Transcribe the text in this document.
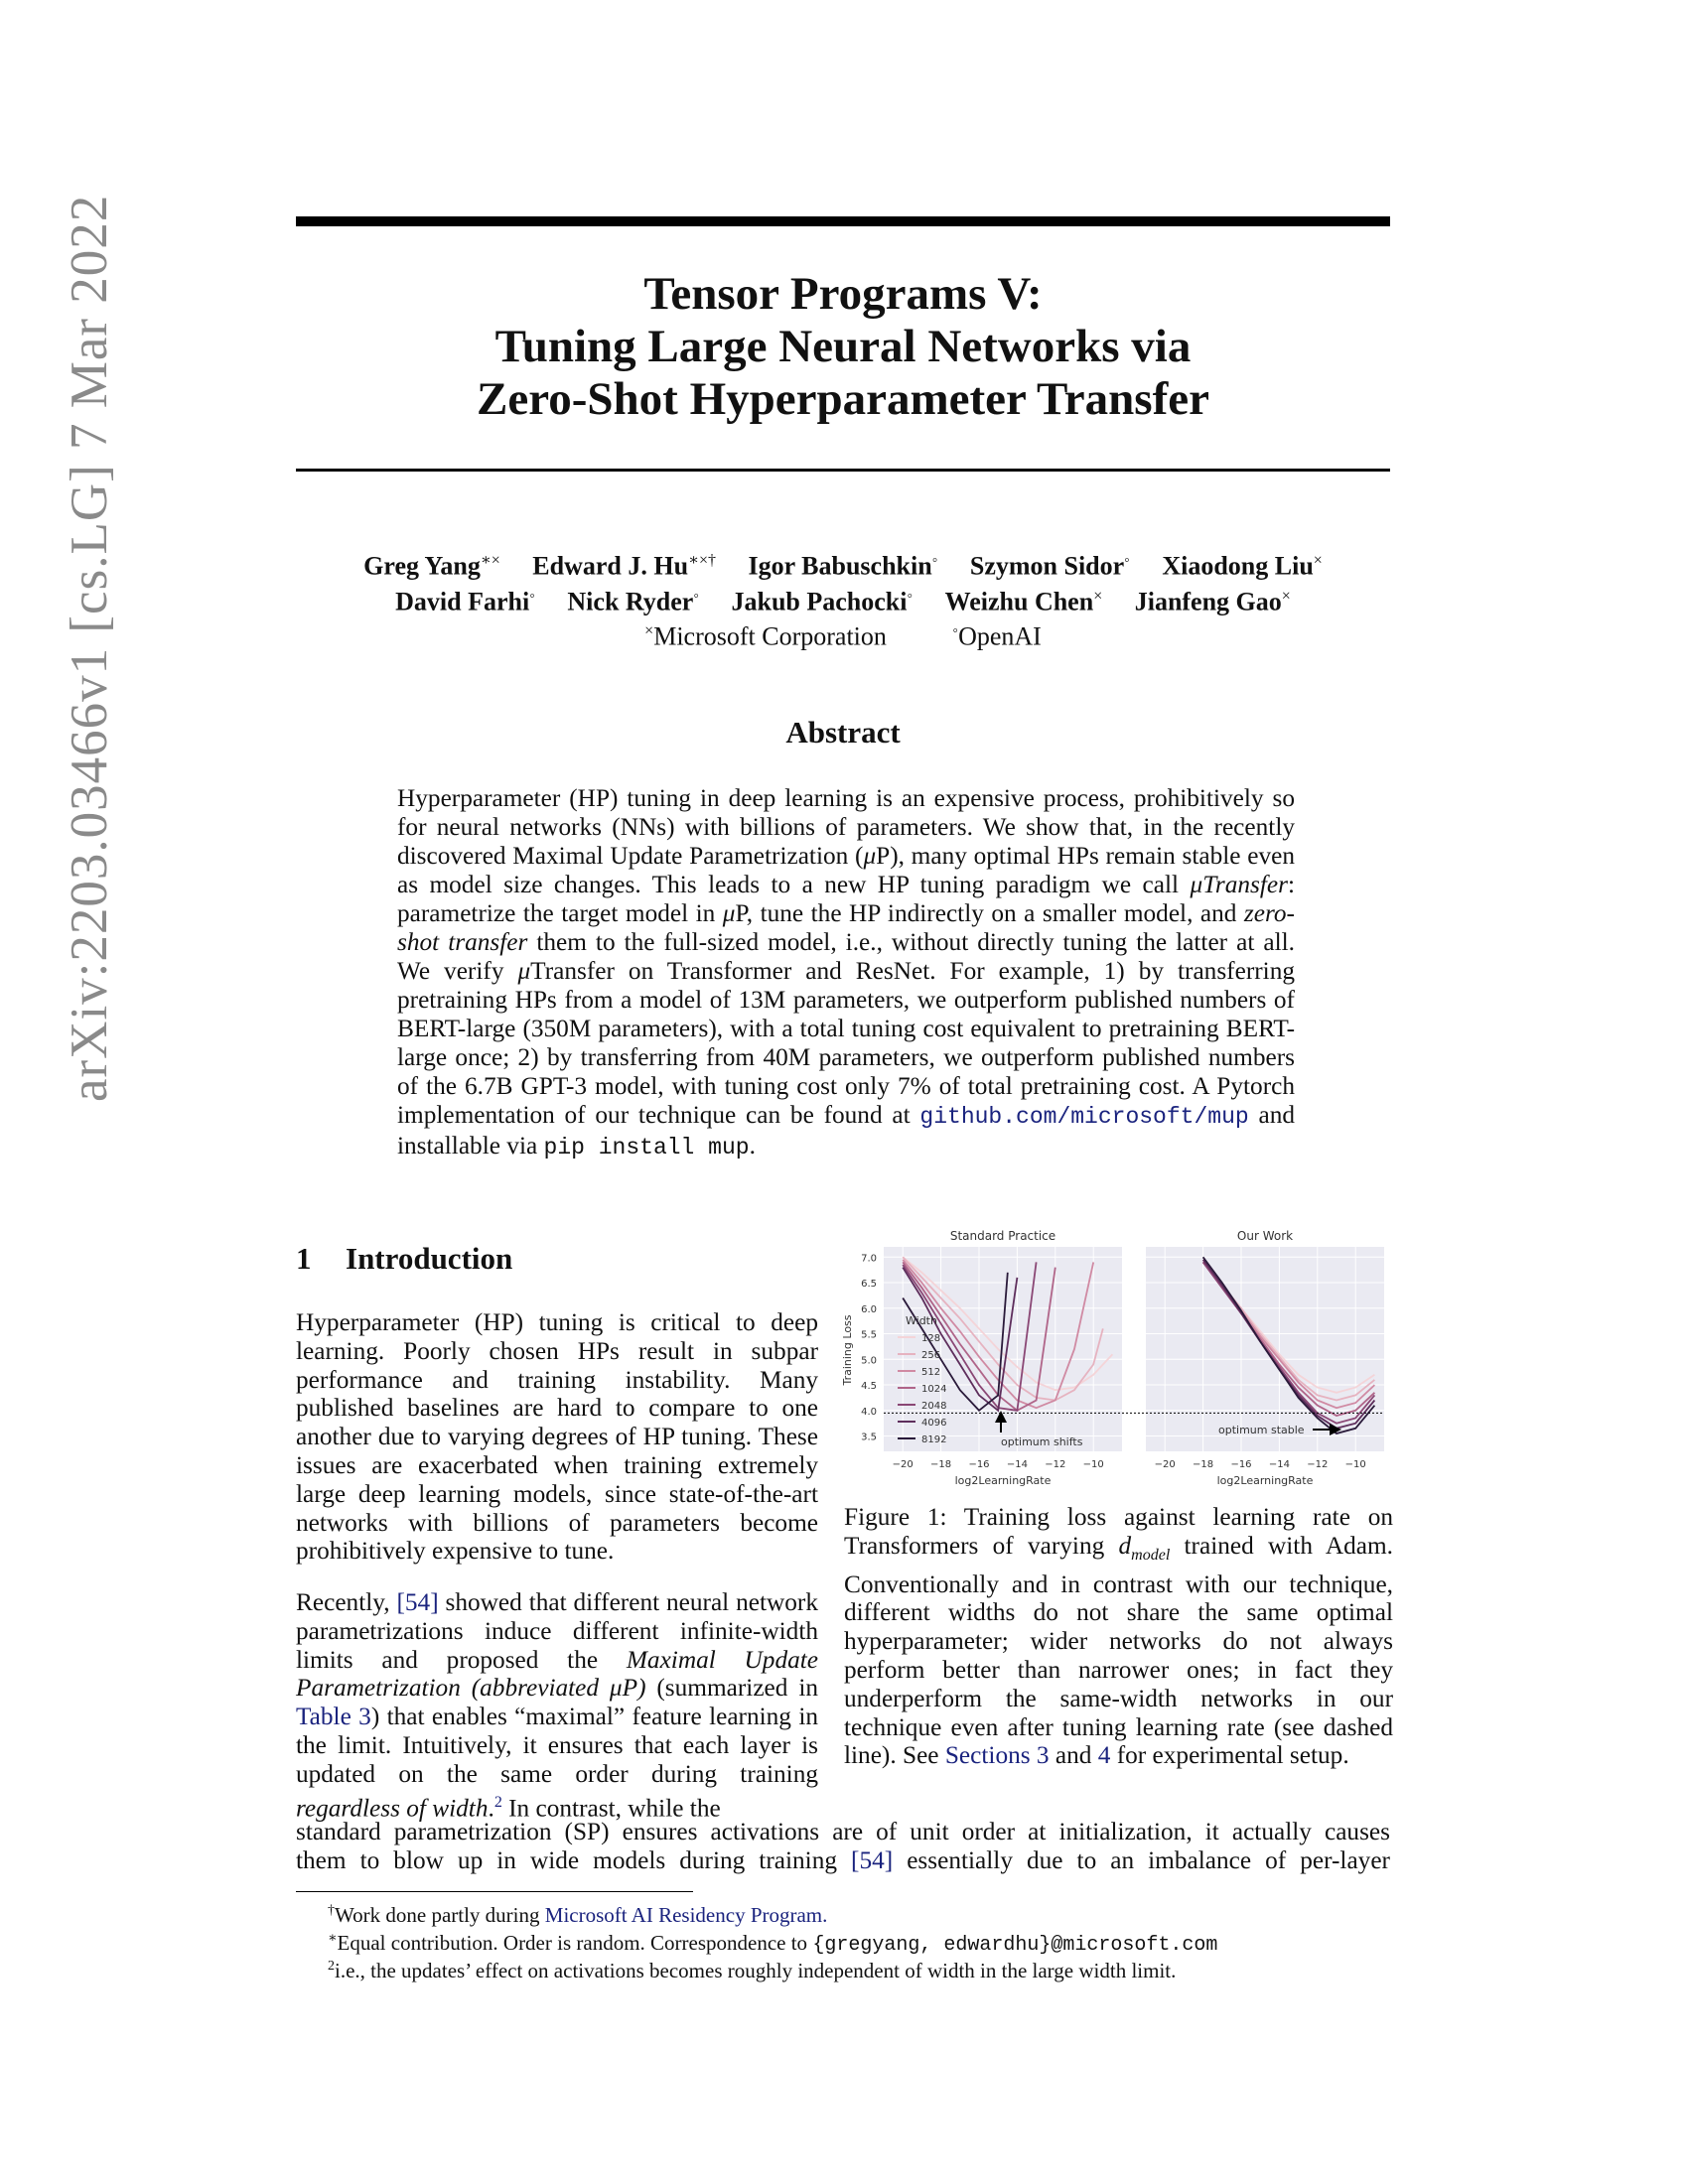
arXiv:2203.03466v1 [cs.LG] 7 Mar 2022	Tensor Programs V:
Tuning Large Neural Networks via
Zero-Shot Hyperparameter Transfer
Greg Yang∗× Edward J. Hu∗×† Igor Babuschkin◦ Szymon Sidor◦ Xiaodong Liu×
David Farhi◦ Nick Ryder◦ Jakub Pachocki◦ Weizhu Chen× Jianfeng Gao×
×Microsoft Corporation	◦OpenAI
Abstract
Hyperparameter (HP) tuning in deep learning is an expensive process, prohibitively so for neural networks (NNs) with billions of parameters. We show that, in the recently discovered Maximal Update Parametrization (μP), many optimal HPs remain stable even as model size changes. This leads to a new HP tuning paradigm we call μTransfer: parametrize the target model in μP, tune the HP indirectly on a smaller model, and zero-shot transfer them to the full-sized model, i.e., without directly tuning the latter at all. We verify μTransfer on Transformer and ResNet. For example, 1) by transferring pretraining HPs from a model of 13M parameters, we outperform published numbers of BERT-large (350M parameters), with a total tuning cost equivalent to pretraining BERT-large once; 2) by transferring from 40M parameters, we outperform published numbers of the 6.7B GPT-3 model, with tuning cost only 7% of total pretraining cost. A Pytorch implementation of our technique can be found at github.com/microsoft/mup and installable via pip install mup.
1 Introduction
Hyperparameter (HP) tuning is critical to deep learning. Poorly chosen HPs result in subpar performance and training instability. Many published baselines are hard to compare to one another due to varying degrees of HP tuning. These issues are exacerbated when training extremely large deep learning models, since state-of-the-art networks with billions of parameters become prohibitively expensive to tune.
Recently, [54] showed that different neural network parametrizations induce different infinite-width limits and proposed the Maximal Update Parametrization (abbreviated μP) (summarized in Table 3) that enables “maximal” feature learning in the limit. Intuitively, it ensures that each layer is updated on the same order during training regardless of width.$^2$ In contrast, while the
standard parametrization (SP) ensures activations are of unit order at initialization, it actually causes
them to blow up in wide models during training [54] essentially due to an imbalance of per-layer
Standard Practice
3.5
4.0
4.5
5.0
5.5
6.0
6.5
7.0
−20 −18 −16 −14 −12 −10
Training Loss
log2LearningRate
Width
128
256
512
1024
2048
4096
8192	optimum shifts
Our Work
−20 −18 −16 −14 −12 −10
log2LearningRate
optimum stable
Figure 1: Training loss against learning rate on Transformers of varying $d_{model}$ trained with Adam. Conventionally and in contrast with our technique, different widths do not share the same optimal hyperparameter; wider networks do not always perform better than narrower ones; in fact they underperform the same-width networks in our technique even after tuning learning rate (see dashed line). See Sections 3 and 4 for experimental setup.
†Work done partly during Microsoft AI Residency Program.
∗Equal contribution. Order is random. Correspondence to {gregyang, edwardhu}@microsoft.com
$^2$i.e., the updates’ effect on activations becomes roughly independent of width in the large width limit.
